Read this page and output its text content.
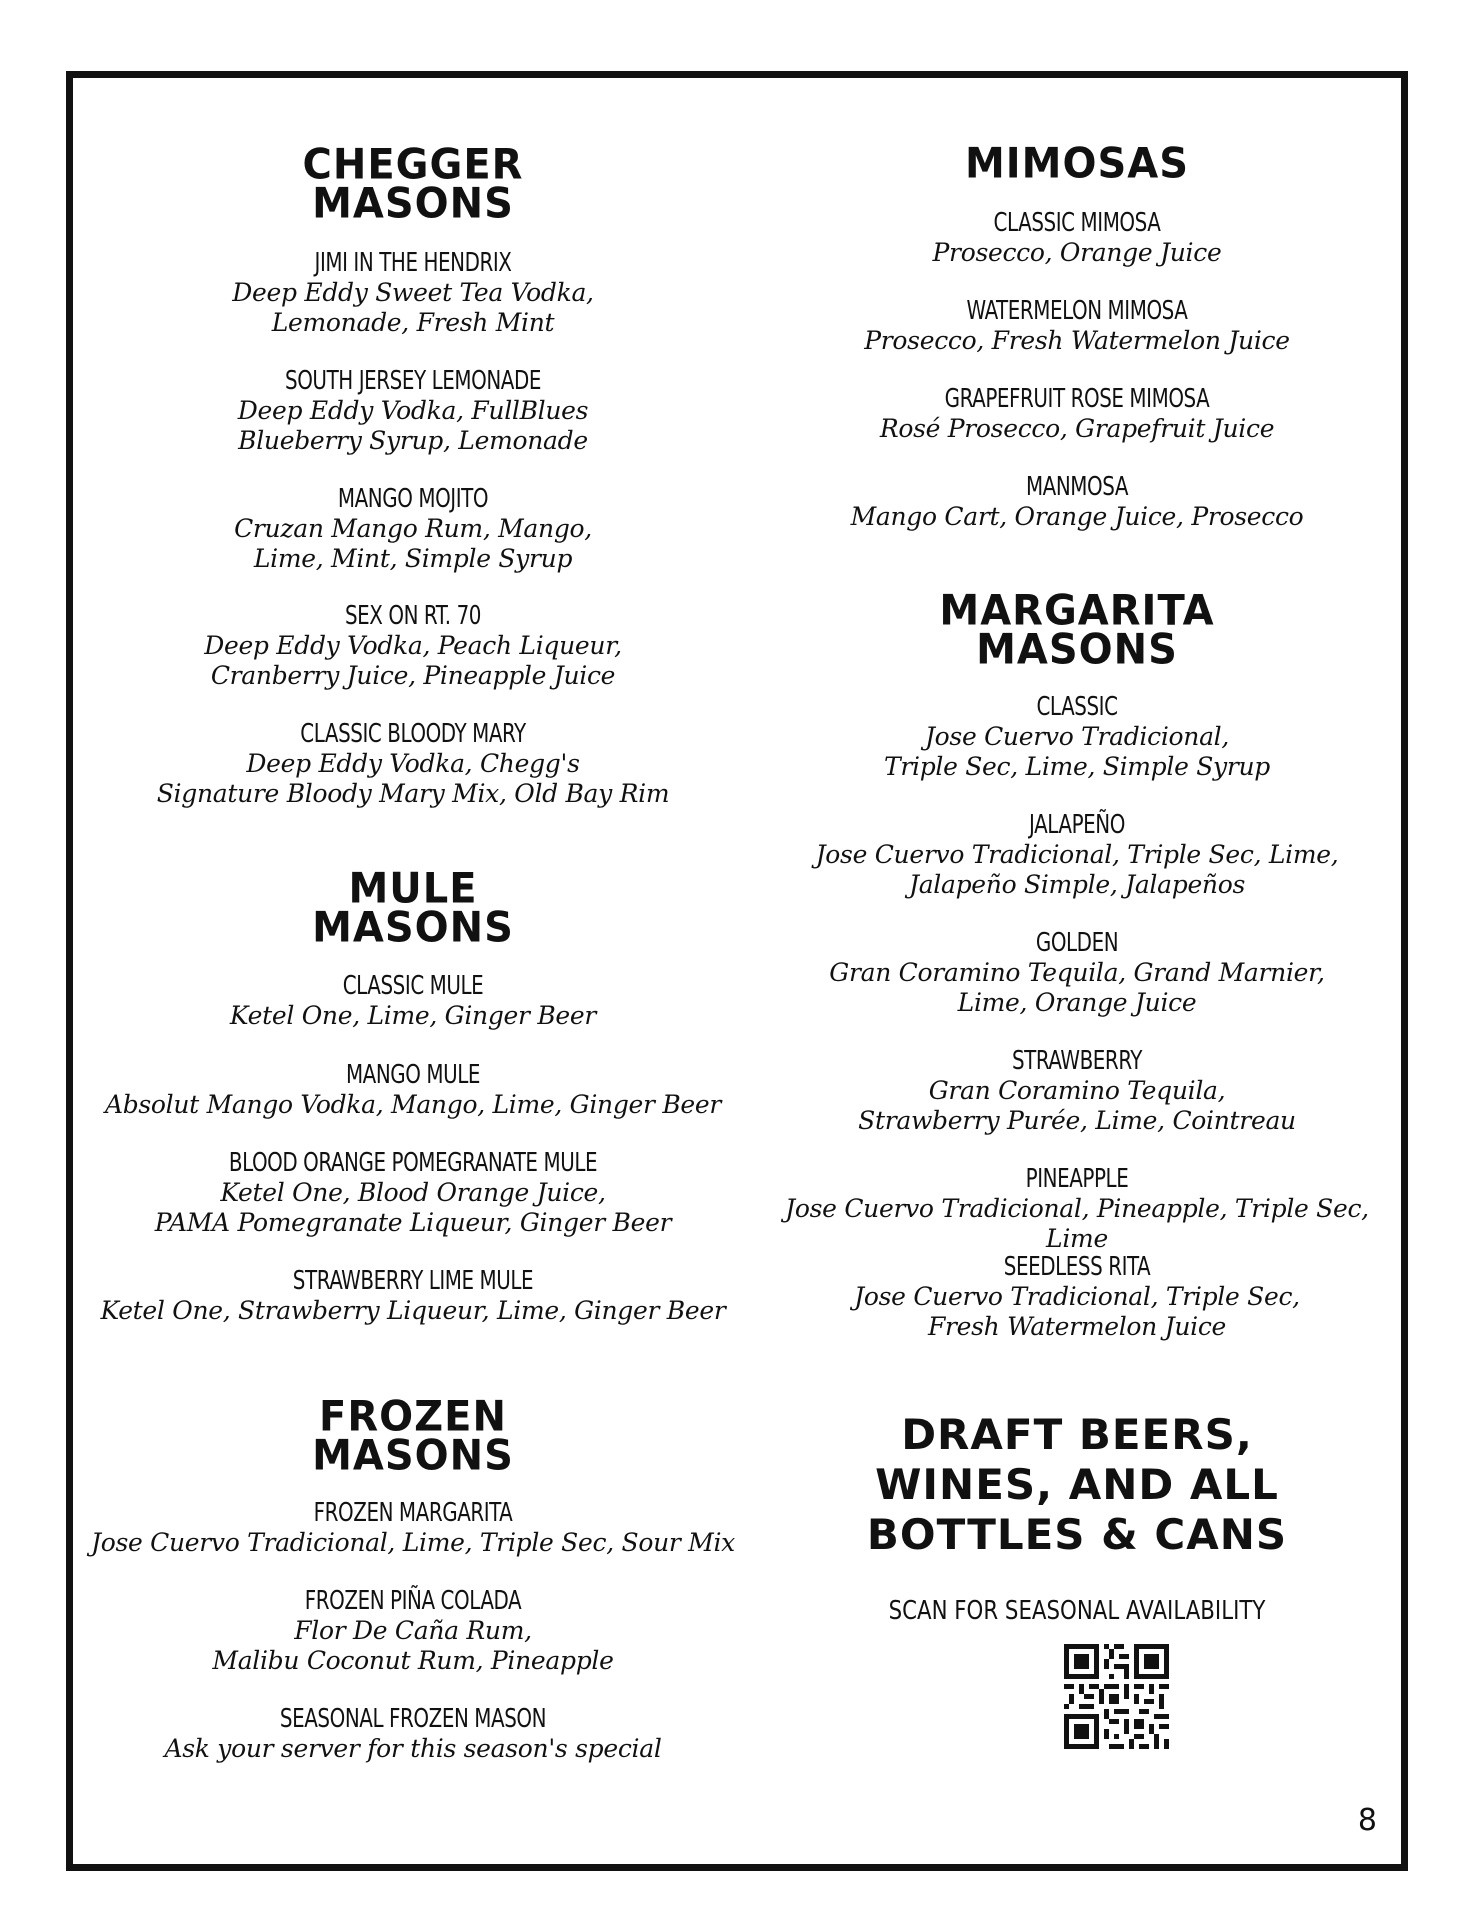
CHEGGER
MASONS
JIMI IN THE HENDRIX
Deep Eddy Sweet Tea Vodka,
Lemonade, Fresh Mint
SOUTH JERSEY LEMONADE
Deep Eddy Vodka, FullBlues
Blueberry Syrup, Lemonade
MANGO MOJITO
Cruzan Mango Rum, Mango,
Lime, Mint, Simple Syrup
SEX ON RT. 70
Deep Eddy Vodka, Peach Liqueur,
Cranberry Juice, Pineapple Juice
CLASSIC BLOODY MARY
Deep Eddy Vodka, Chegg's
Signature Bloody Mary Mix, Old Bay Rim
MULE
MASONS
CLASSIC MULE
Ketel One, Lime, Ginger Beer
MANGO MULE
Absolut Mango Vodka, Mango, Lime, Ginger Beer
BLOOD ORANGE POMEGRANATE MULE
Ketel One, Blood Orange Juice,
PAMA Pomegranate Liqueur, Ginger Beer
STRAWBERRY LIME MULE
Ketel One, Strawberry Liqueur, Lime, Ginger Beer
FROZEN
MASONS
FROZEN MARGARITA
Jose Cuervo Tradicional, Lime, Triple Sec, Sour Mix
FROZEN PIÑA COLADA
Flor De Caña Rum,
Malibu Coconut Rum, Pineapple
SEASONAL FROZEN MASON
Ask your server for this season's special
MIMOSAS
CLASSIC MIMOSA
Prosecco, Orange Juice
WATERMELON MIMOSA
Prosecco, Fresh Watermelon Juice
GRAPEFRUIT ROSE MIMOSA
Rosé Prosecco, Grapefruit Juice
MANMOSA
Mango Cart, Orange Juice, Prosecco
MARGARITA
MASONS
CLASSIC
Jose Cuervo Tradicional,
Triple Sec, Lime, Simple Syrup
JALAPEÑO
Jose Cuervo Tradicional, Triple Sec, Lime,
Jalapeño Simple, Jalapeños
GOLDEN
Gran Coramino Tequila, Grand Marnier,
Lime, Orange Juice
STRAWBERRY
Gran Coramino Tequila,
Strawberry Purée, Lime, Cointreau
PINEAPPLE
Jose Cuervo Tradicional, Pineapple, Triple Sec, Lime
SEEDLESS RITA
Jose Cuervo Tradicional, Triple Sec,
Fresh Watermelon Juice
DRAFT BEERS,
WINES, AND ALL
BOTTLES & CANS
SCAN FOR SEASONAL AVAILABILITY
8
